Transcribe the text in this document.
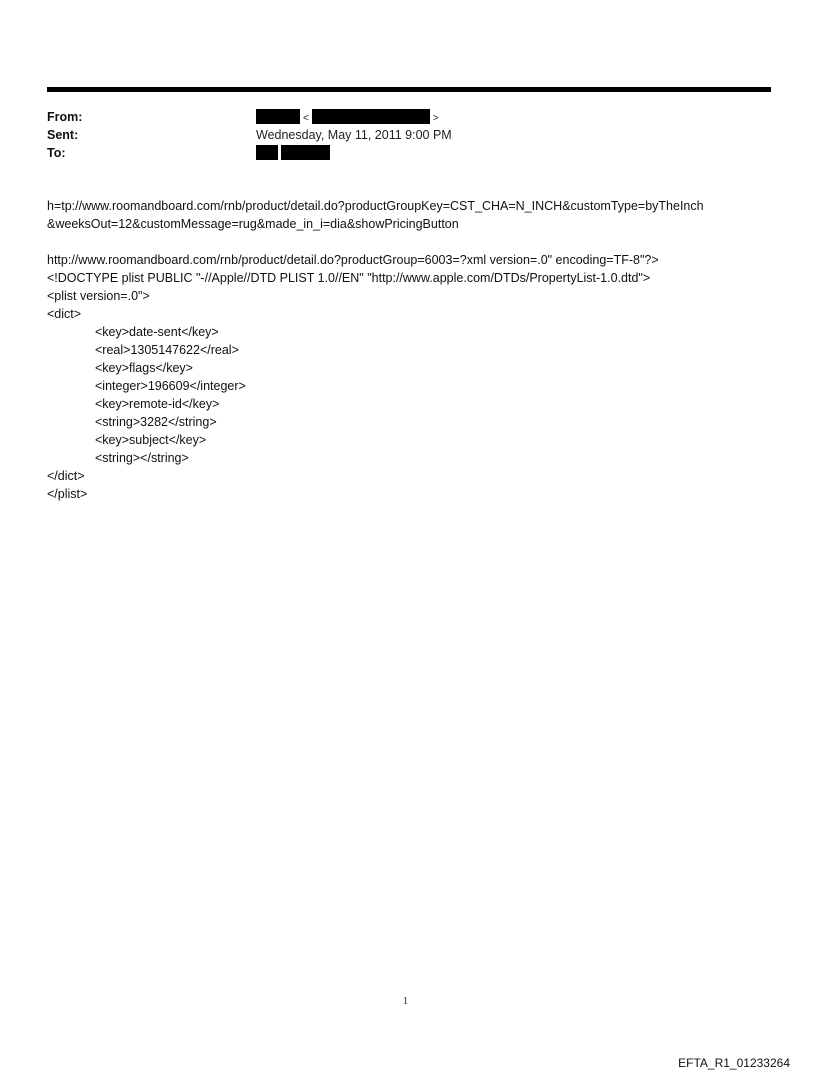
From:	<	>
Sent:	Wednesday, May 11, 2011 9:00 PM
To:

h=tp://www.roomandboard.com/rnb/product/detail.do?productGroupKey=CST_CHA=N_INCH&customType=byTheInch
&weeksOut=12&customMessage=rug&made_in_i=dia&showPricingButton
http://www.roomandboard.com/rnb/product/detail.do?productGroup=6003=?xml version=.0" encoding=TF-8"?>
<!DOCTYPE plist PUBLIC "-//Apple//DTD PLIST 1.0//EN" "http://www.apple.com/DTDs/PropertyList-1.0.dtd">
<plist version=.0">
<dict>
<key>date-sent</key>
<real>1305147622</real>
<key>flags</key>
<integer>196609</integer>
<key>remote-id</key>
<string>3282</string>
<key>subject</key>
<string></string>
</dict>
</plist>
1
EFTA_R1_01233264
